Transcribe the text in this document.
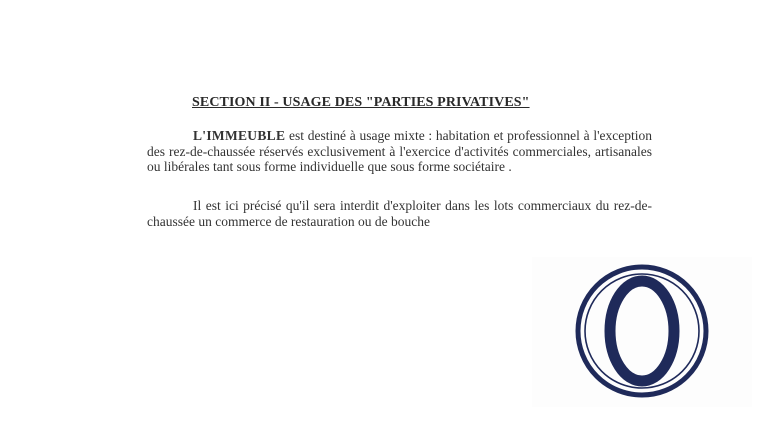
SECTION II - USAGE DES "PARTIES PRIVATIVES"
L'IMMEUBLE est destiné à usage mixte : habitation et professionnel à l'exception des rez-de-chaussée réservés exclusivement à l'exercice d'activités commerciales, artisanales ou libérales tant sous forme individuelle que sous forme sociétaire .
Il est ici précisé qu'il sera interdit d'exploiter dans les lots commerciaux du rez-de-chaussée un commerce de restauration ou de bouche
